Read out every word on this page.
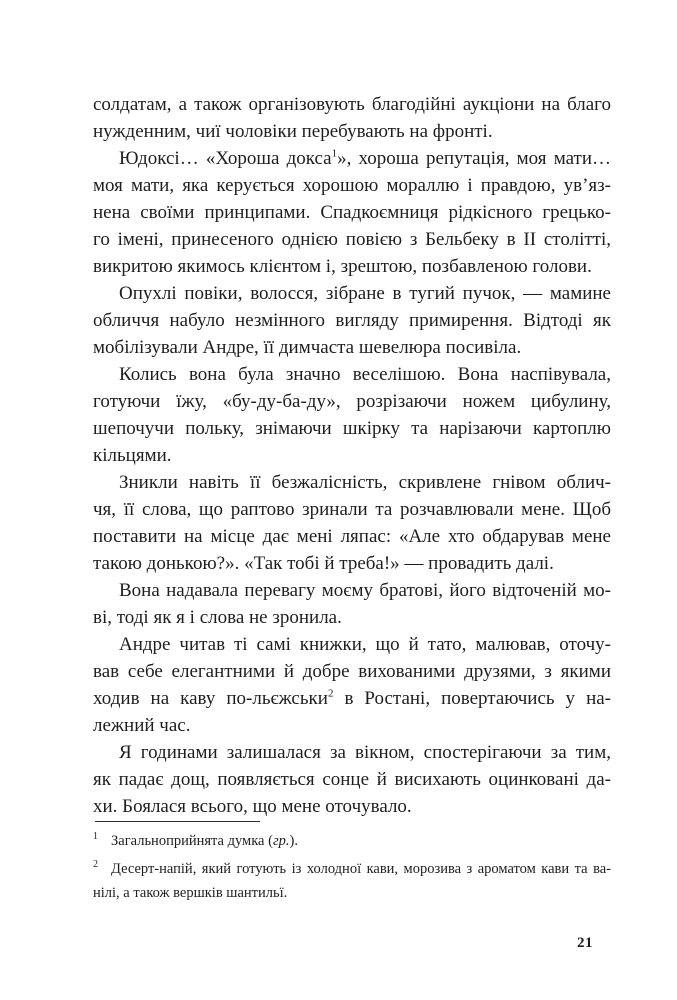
солдатам, а також організовують благодійні аукціони на благо
нужденним, чиї чоловіки перебувають на фронті.
Юдоксі… «Хороша докса$^1$», хороша репутація, моя мати…
моя мати, яка керується хорошою мораллю і правдою, ув’яз-
нена своїми принципами. Спадкоємниця рідкісного грецько-
го імені, принесеного однією повією з Бельбеку в II столітті,
викритою якимось клієнтом і, зрештою, позбавленою голови.
Опухлі повіки, волосся, зібране в тугий пучок, — мамине
обличчя набуло незмінного вигляду примирення. Відтоді як
мобілізували Андре, її димчаста шевелюра посивіла.
Колись вона була значно веселішою. Вона наспівувала,
готуючи їжу, «бу-ду-ба-ду», розрізаючи ножем цибулину,
шепочучи польку, знімаючи шкірку та нарізаючи картоплю
кільцями.
Зникли навіть її безжалісність, скривлене гнівом облич-
чя, її слова, що раптово зринали та розчавлювали мене. Щоб
поставити на місце дає мені ляпас: «Але хто обдарував мене
такою донькою?». «Так тобі й треба!» — провадить далі.
Вона надавала перевагу моєму братові, його відточеній мо-
ві, тоді як я і слова не зронила.
Андре читав ті самі книжки, що й тато, малював, оточу-
вав себе елегантними й добре вихованими друзями, з якими
ходив на каву по-льєжськи$^2$ в Ростані, повертаючись у на-
лежний час.
Я годинами залишалася за вікном, спостерігаючи за тим,
як падає дощ, появляється сонце й висихають оцинковані да-
хи. Боялася всього, що мене оточувало.
$^1$ Загальноприйнята думка (гр.).
$^2$ Десерт-напій, який готують із холодної кави, морозива з ароматом кави та ва-
нілі, а також вершків шантильї.
21
